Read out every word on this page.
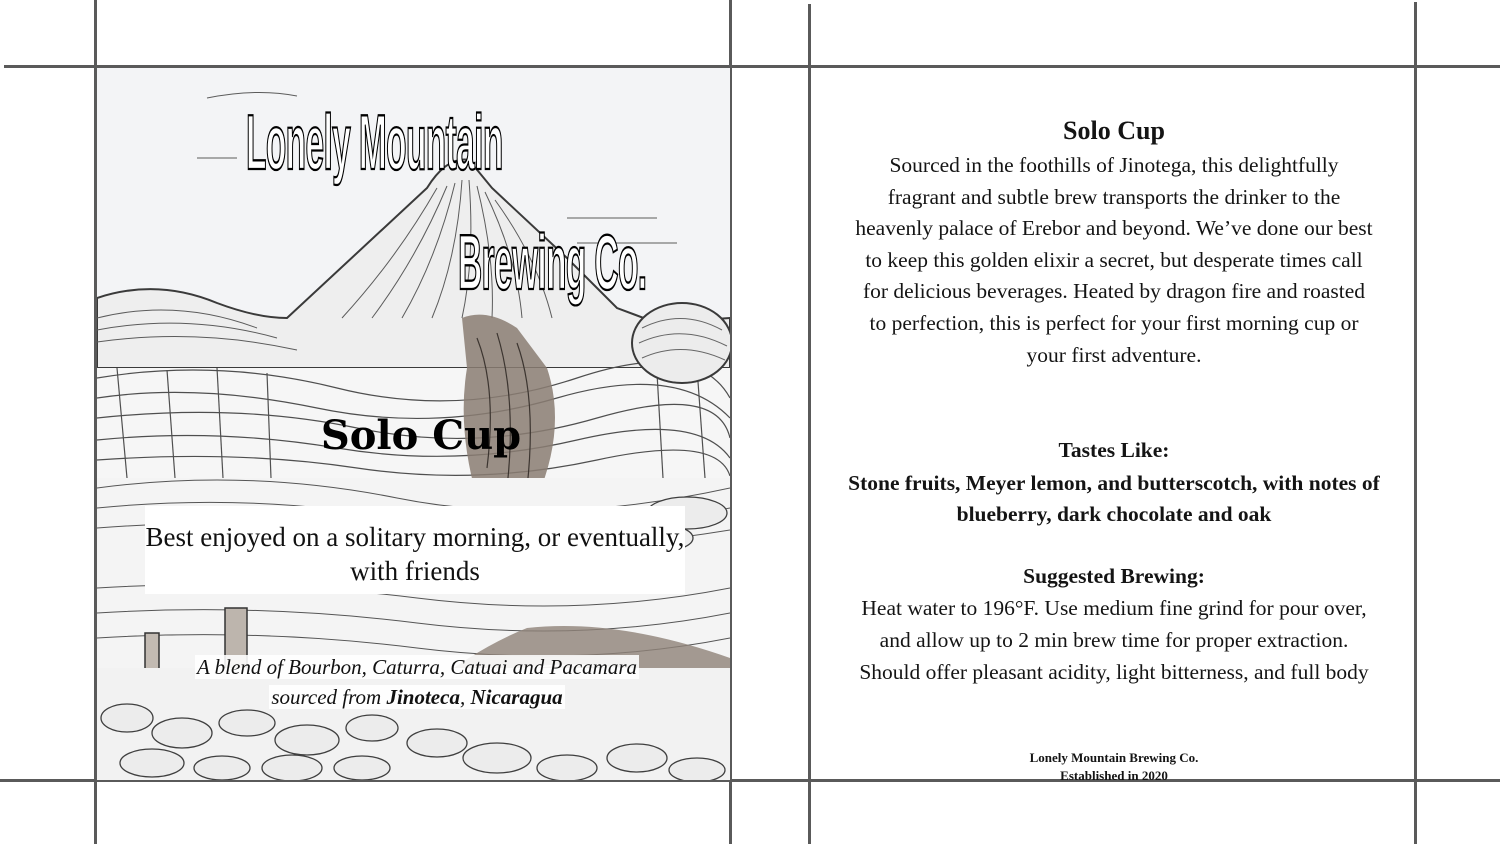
Lonely Mountain
Brewing Co.
Solo Cup
Best enjoyed on a solitary morning, or eventually, with friends
A blend of Bourbon, Caturra, Catuai and Pacamara
sourced from Jinoteca, Nicaragua
Solo Cup
Sourced in the foothills of Jinotega, this delightfully fragrant and subtle brew transports the drinker to the heavenly palace of Erebor and beyond. We’ve done our best to keep this golden elixir a secret, but desperate times call for delicious beverages. Heated by dragon fire and roasted to perfection, this is perfect for your first morning cup or your first adventure.
Tastes Like:
Stone fruits, Meyer lemon, and butterscotch, with notes of blueberry, dark chocolate and oak
Suggested Brewing:
Heat water to 196°F. Use medium fine grind for pour over, and allow up to 2 min brew time for proper extraction. Should offer pleasant acidity, light bitterness, and full body
Lonely Mountain Brewing Co.
Established in 2020
